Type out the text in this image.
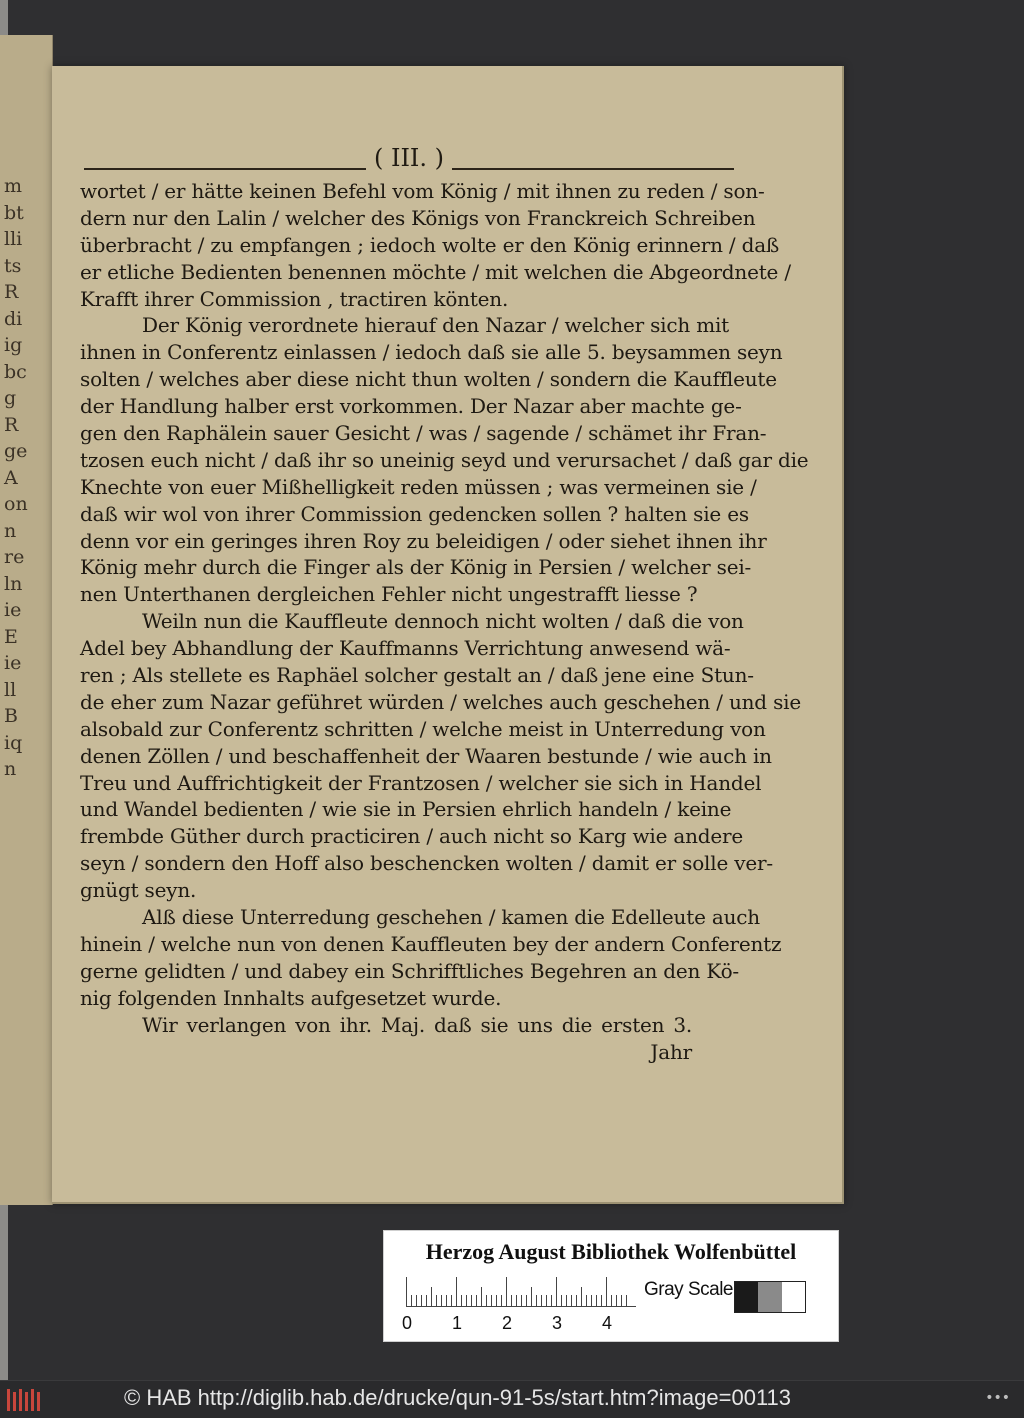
m
bt
lli
ts
R
di
ig
bc
g
R
ge
A
on
n
re
ln
ie
E
ie
ll
B
iq
n
( III. )
wortet / er hätte keinen Befehl vom König / mit ihnen zu reden / son-
dern nur den Lalin / welcher des Königs von Franckreich Schreiben
überbracht / zu empfangen ; iedoch wolte er den König erinnern / daß
er etliche Bedienten benennen möchte / mit welchen die Abgeordnete /
Krafft ihrer Commission , tractiren könten.
Der König verordnete hierauf den Nazar / welcher sich mit
ihnen in Conferentz einlassen / iedoch daß sie alle 5. beysammen seyn
solten / welches aber diese nicht thun wolten / sondern die Kauffleute
der Handlung halber erst vorkommen. Der Nazar aber machte ge-
gen den Raphälein sauer Gesicht / was / sagende / schämet ihr Fran-
tzosen euch nicht / daß ihr so uneinig seyd und verursachet / daß gar die
Knechte von euer Mißhelligkeit reden müssen ; was vermeinen sie /
daß wir wol von ihrer Commission gedencken sollen ? halten sie es
denn vor ein geringes ihren Roy zu beleidigen / oder siehet ihnen ihr
König mehr durch die Finger als der König in Persien / welcher sei-
nen Unterthanen dergleichen Fehler nicht ungestrafft liesse ?
Weiln nun die Kauffleute dennoch nicht wolten / daß die von
Adel bey Abhandlung der Kauffmanns Verrichtung anwesend wä-
ren ; Als stellete es Raphäel solcher gestalt an / daß jene eine Stun-
de eher zum Nazar geführet würden / welches auch geschehen / und sie
alsobald zur Conferentz schritten / welche meist in Unterredung von
denen Zöllen / und beschaffenheit der Waaren bestunde / wie auch in
Treu und Auffrichtigkeit der Frantzosen / welcher sie sich in Handel
und Wandel bedienten / wie sie in Persien ehrlich handeln / keine
frembde Güther durch practiciren / auch nicht so Karg wie andere
seyn / sondern den Hoff also beschencken wolten / damit er solle ver-
gnügt seyn.
Alß diese Unterredung geschehen / kamen die Edelleute auch
hinein / welche nun von denen Kauffleuten bey der andern Conferentz
gerne gelidten / und dabey ein Schrifftliches Begehren an den Kö-
nig folgenden Innhalts aufgesetzet wurde.
Wir verlangen von ihr. Maj. daß sie uns die ersten 3.
Jahr
Herzog August Bibliothek Wolfenbüttel
0 1 2 3 4
Gray Scale
© HAB http://diglib.hab.de/drucke/qun-91-5s/start.htm?image=00113	•••
